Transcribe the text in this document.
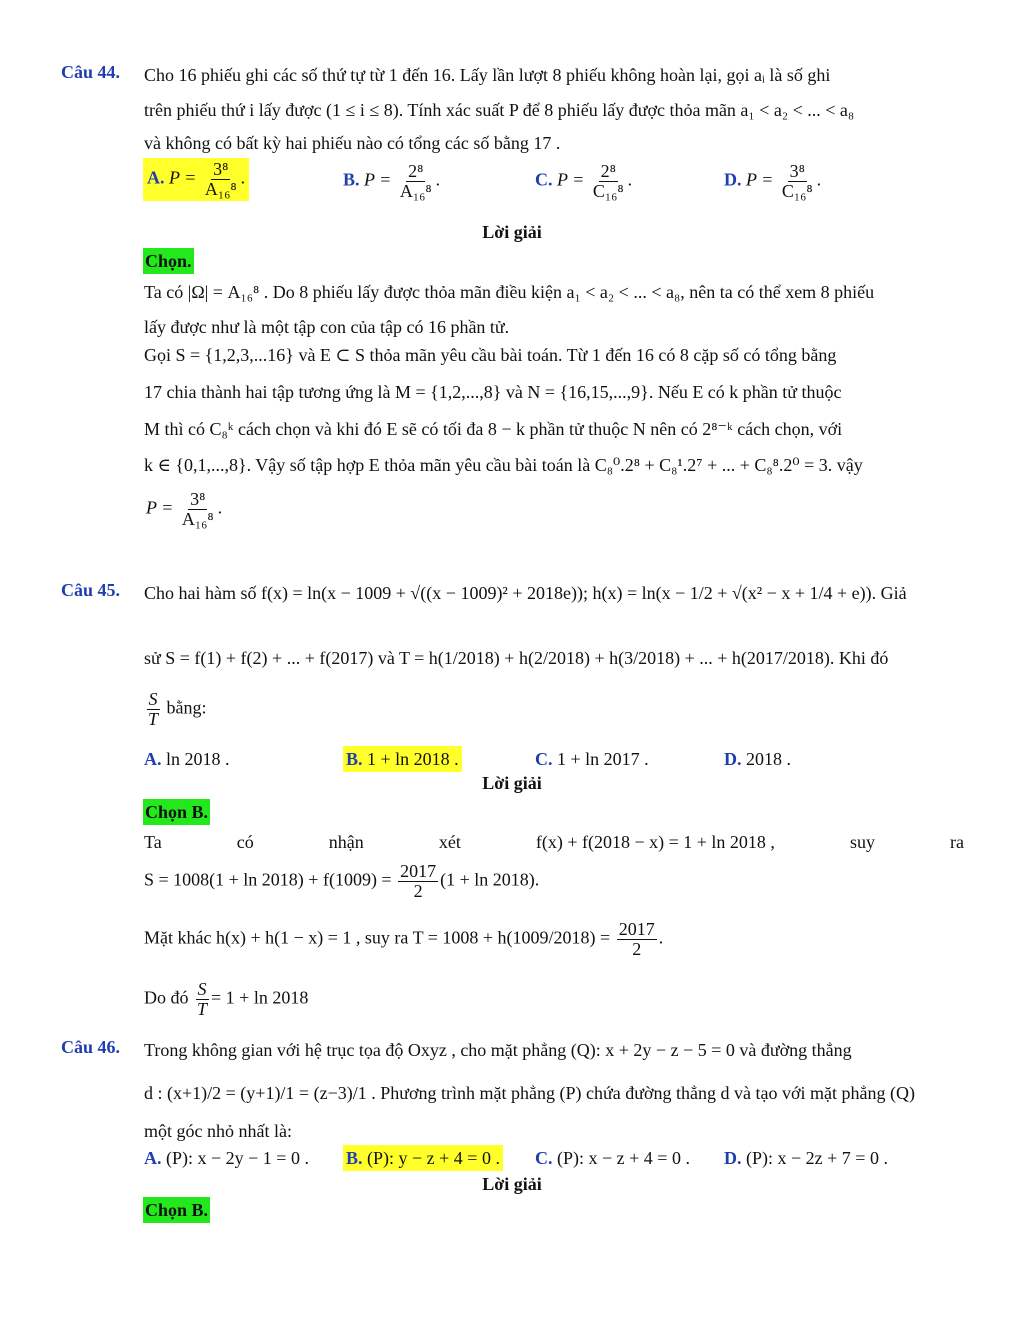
Câu 44. Cho 16 phiếu ghi các số thứ tự từ 1 đến 16. Lấy lần lượt 8 phiếu không hoàn lại, gọi aᵢ là số ghi
trên phiếu thứ i lấy được (1 ≤ i ≤ 8). Tính xác suất P để 8 phiếu lấy được thỏa mãn a₁ < a₂ < ... < a₈
và không có bất kỳ hai phiếu nào có tổng các số bằng 17 .
A. $P = \frac{\text{3⁸}}{\text{A₁₆⁸}}$ .	B. $P = \frac{\text{2⁸}}{\text{A₁₆⁸}}$ .	C. $P = \frac{\text{2⁸}}{\text{C₁₆⁸}}$ .	D. $P = \frac{\text{3⁸}}{\text{C₁₆⁸}}$ .
Lời giải
Chọn.
Ta có |Ω| = A₁₆⁸ . Do 8 phiếu lấy được thỏa mãn điều kiện a₁ < a₂ < ... < a₈, nên ta có thể xem 8 phiếu
lấy được như là một tập con của tập có 16 phần tử.
Gọi S = {1,2,3,...16} và E ⊂ S thỏa mãn yêu cầu bài toán. Từ 1 đến 16 có 8 cặp số có tổng bằng
17 chia thành hai tập tương ứng là M = {1,2,...,8} và N = {16,15,...,9}. Nếu E có k phần tử thuộc
M thì có C₈ᵏ cách chọn và khi đó E sẽ có tối đa 8 − k phần tử thuộc N nên có 2⁸⁻ᵏ cách chọn, với
k ∈ {0,1,...,8}. Vậy số tập hợp E thỏa mãn yêu cầu bài toán là C₈⁰.2⁸ + C₈¹.2⁷ + ... + C₈⁸.2⁰ = 3. vậy
$P = \frac{\text{3⁸}}{\text{A₁₆⁸}}$ .
Câu 45. Cho hai hàm số f(x) = ln(x − 1009 + √((x − 1009)² + 2018e)); h(x) = ln(x − 1/2 + √(x² − x + 1/4 + e)). Giả
sử S = f(1) + f(2) + ... + f(2017) và T = h(1/2018) + h(2/2018) + h(3/2018) + ... + h(2017/2018). Khi đó
$\frac{S}{T}$ bằng:
A. ln 2018 .	B. 1 + ln 2018 .	C. 1 + ln 2017 .	D. 2018 .
Lời giải
Chọn B.
Ta	có	nhận	xét	f(x) + f(2018 − x) = 1 + ln 2018 ,	suy	ra
$S = 1008(1 + \ln 2018) + f(1009) = \frac{2017}{2} (1 + \ln 2018)$.
Mặt khác h(x) + h(1 − x) = 1 , suy ra $T = 1008 + h(1009/2018) = \frac{2017}{2}$ .
Do đó $\frac{S}{T} = 1 + \ln 2018$
Câu 46. Trong không gian với hệ trục tọa độ Oxyz , cho mặt phẳng (Q): x + 2y − z − 5 = 0 và đường thẳng
d : (x+1)/2 = (y+1)/1 = (z−3)/1 . Phương trình mặt phẳng (P) chứa đường thẳng d và tạo với mặt phẳng (Q)
một góc nhỏ nhất là:
A. (P): x − 2y − 1 = 0 . B. (P): y − z + 4 = 0 . C. (P): x − z + 4 = 0 . D. (P): x − 2z + 7 = 0 .
Lời giải
Chọn B.
